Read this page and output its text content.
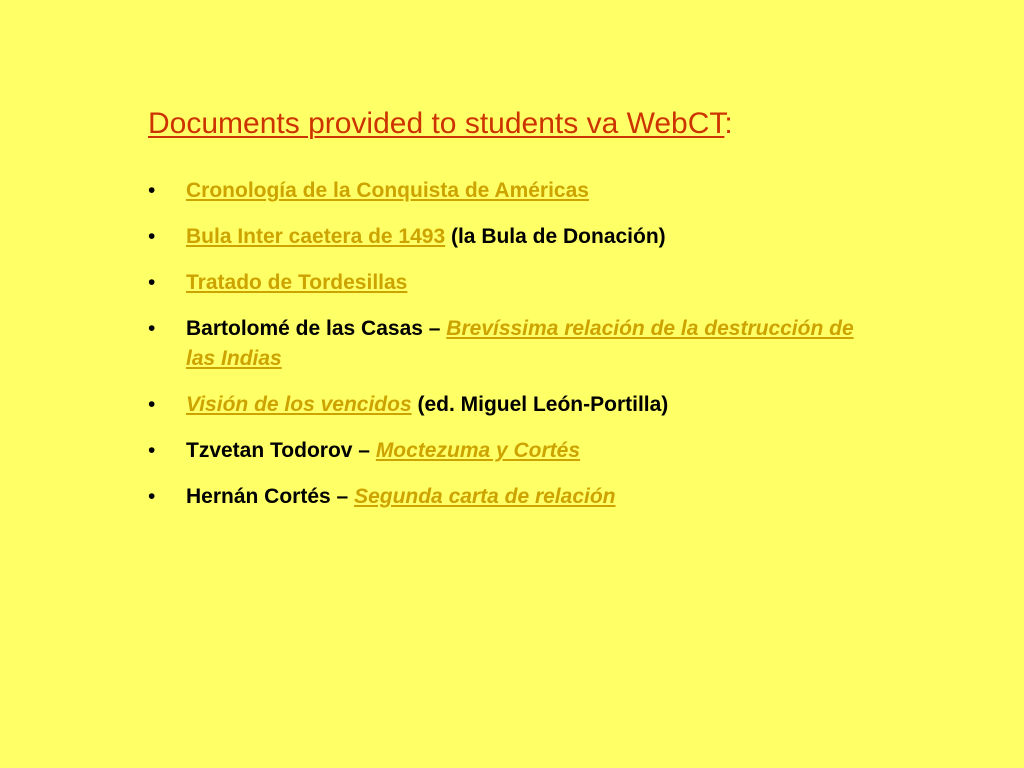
Documents provided to students va WebCT:
•	Cronología de la Conquista de Américas
•	Bula Inter caetera de 1493 (la Bula de Donación)
•	Tratado de Tordesillas
•	Bartolomé de las Casas – Brevíssima relación de la destrucción de las Indias
•	Visión de los vencidos (ed. Miguel León-Portilla)
•	Tzvetan Todorov – Moctezuma y Cortés
•	Hernán Cortés – Segunda carta de relación
